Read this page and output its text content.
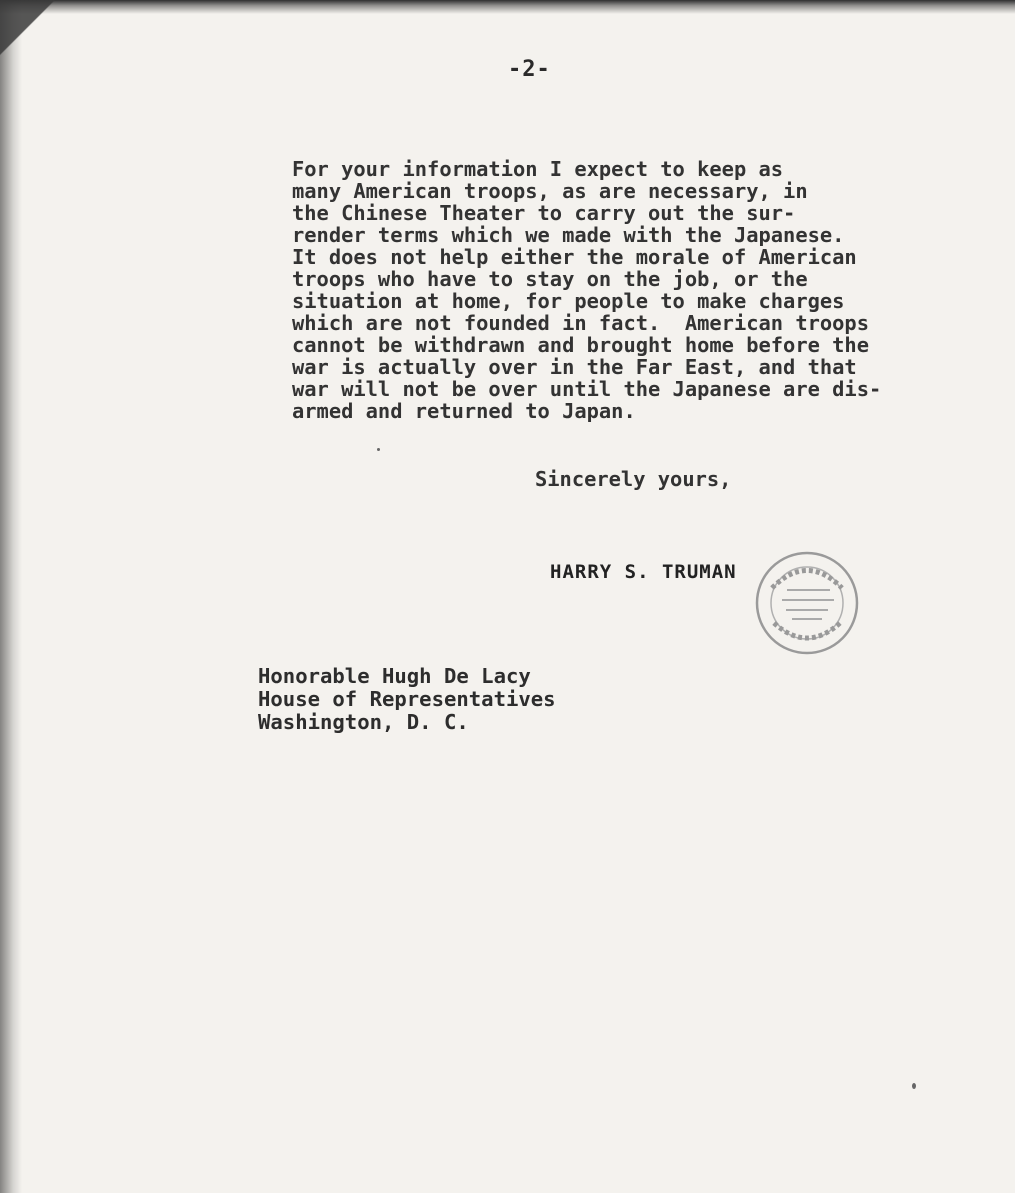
-2-
For your information I expect to keep as
many American troops, as are necessary, in
the Chinese Theater to carry out the sur-
render terms which we made with the Japanese.
It does not help either the morale of American
troops who have to stay on the job, or the
situation at home, for people to make charges
which are not founded in fact.  American troops
cannot be withdrawn and brought home before the
war is actually over in the Far East, and that
war will not be over until the Japanese are dis-
armed and returned to Japan.
Sincerely yours,
HARRY S. TRUMAN
Honorable Hugh De Lacy
House of Representatives
Washington, D. C.
